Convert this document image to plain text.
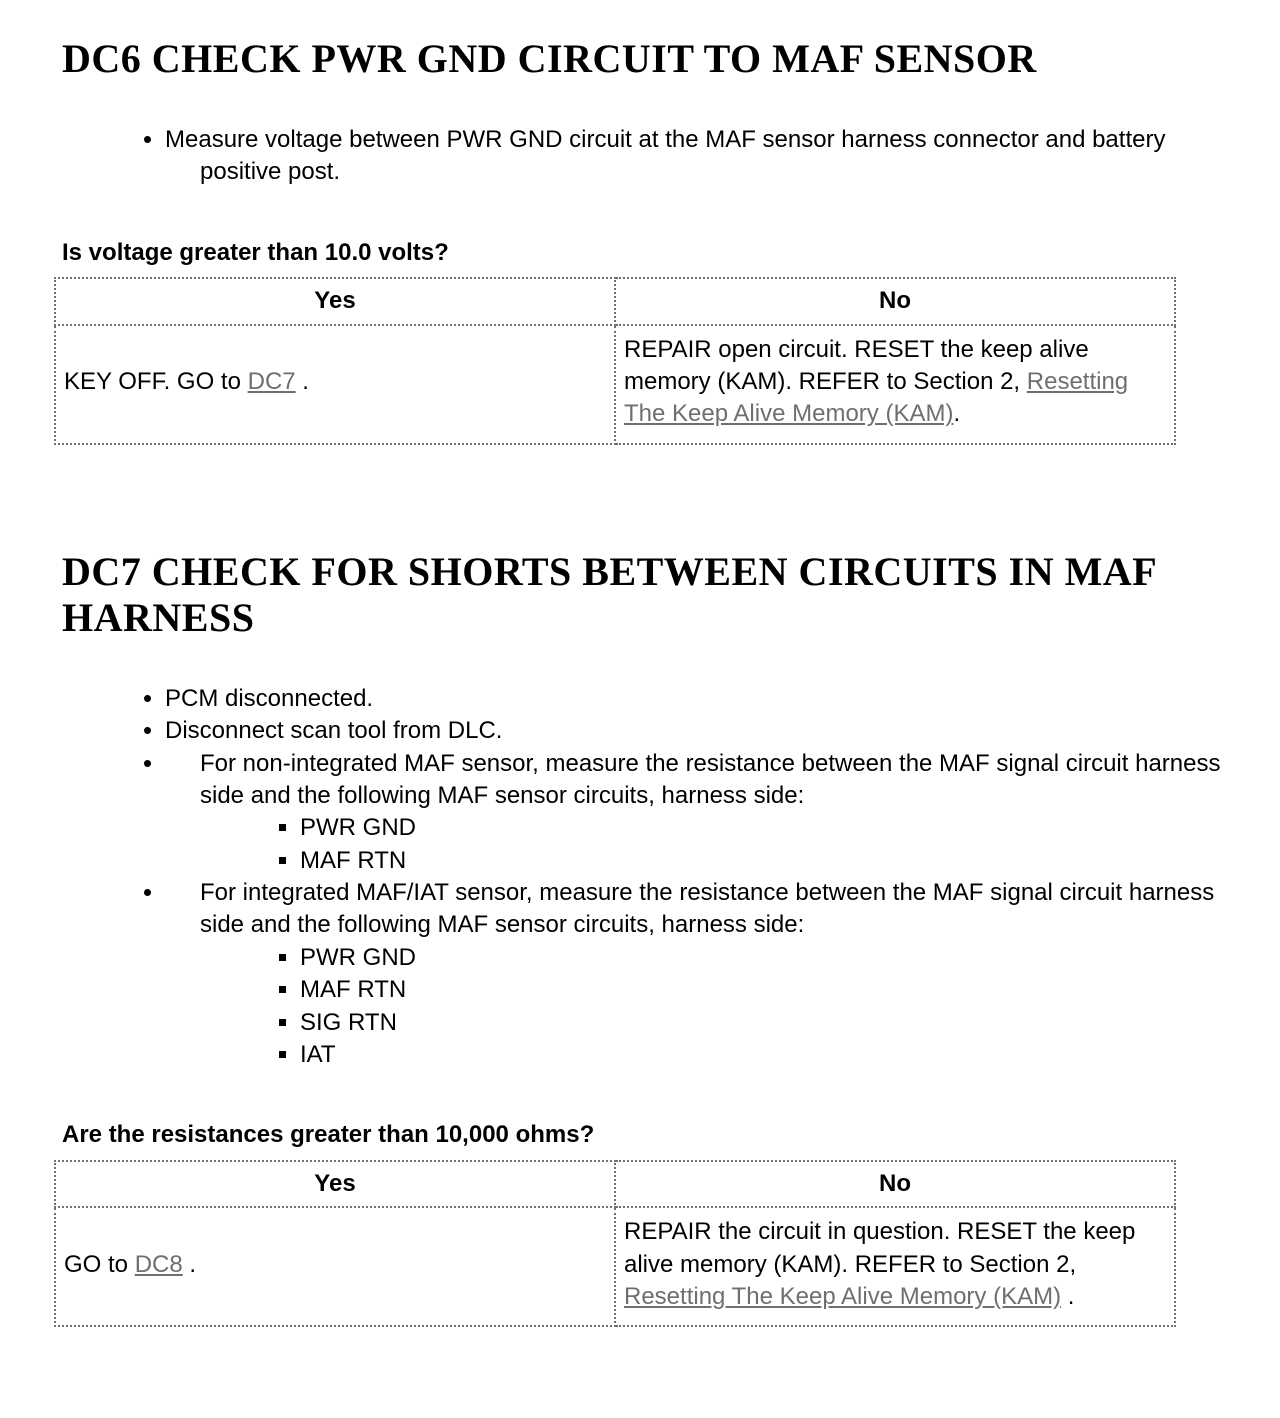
DC6 CHECK PWR GND CIRCUIT TO MAF SENSOR
• Measure voltage between PWR GND circuit at the MAF sensor harness connector and battery positive post.

Is voltage greater than 10.0 volts?

Yes	No
KEY OFF. GO to DC7 .	REPAIR open circuit. RESET the keep alive memory (KAM). REFER to Section 2, Resetting The Keep Alive Memory (KAM).
DC7 CHECK FOR SHORTS BETWEEN CIRCUITS IN MAF HARNESS
• PCM disconnected.
• Disconnect scan tool from DLC.
• For non-integrated MAF sensor, measure the resistance between the MAF signal circuit harness side and the following MAF sensor circuits, harness side:
▪ PWR GND
▪ MAF RTN
• For integrated MAF/IAT sensor, measure the resistance between the MAF signal circuit harness side and the following MAF sensor circuits, harness side:
▪ PWR GND
▪ MAF RTN
▪ SIG RTN
▪ IAT

Are the resistances greater than 10,000 ohms?

Yes	No
GO to DC8 .	REPAIR the circuit in question. RESET the keep alive memory (KAM). REFER to Section 2, Resetting The Keep Alive Memory (KAM) .
